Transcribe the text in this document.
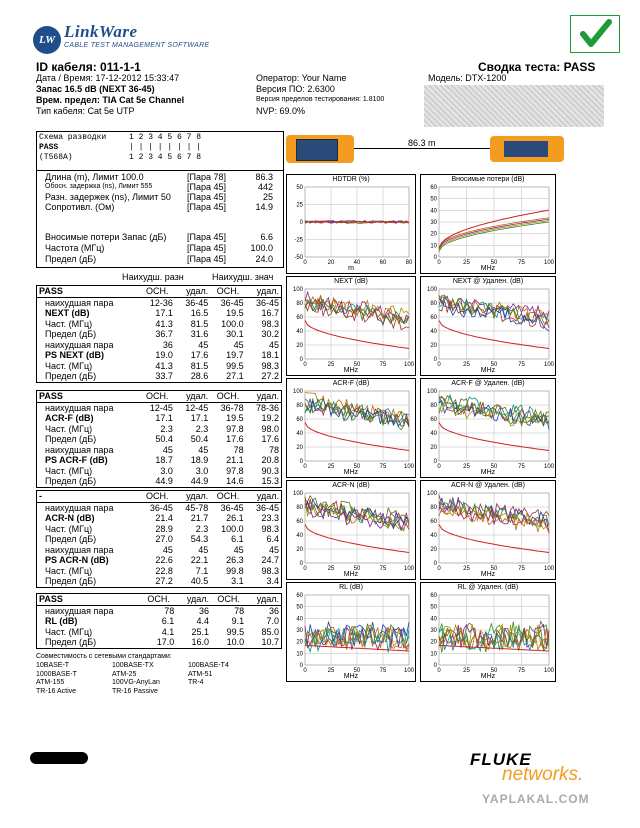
LW LinkWare
CABLE TEST MANAGEMENT SOFTWARE
ID кабеля: 011-1-1	Сводка теста: PASS
Дата / Время: 17-12-2012 15:33:47
Запас 16.5 dB (NEXT 36-45)
Врем. предел: TIA Cat 5e Channel
Тип кабеля: Cat 5e UTP
Оператор: Your Name
Версия ПО: 2.6300
Версия пределов тестирования: 1.8100
NVP: 69.0%
Модель: DTX-1200
Схема разводки	1 2 3 4 5 6 7 8
PASS	| | | | | | | |
(T568A)	1 2 3 4 5 6 7 8
86.3 m
Длина (m), Лимит 100.0	[Пара 78]	86.3
Обосн. задержка (ns), Лимит 555	[Пара 45]	442
Разн. задержек (ns), Лимит 50 [Пара 45]	25
Сопротивл. (Ом)	[Пара 45]	14.9
Вносимые потери Запас (дБ) [Пара 45]	6.6
Частота (МГц)	[Пара 45]	100.0
Предел (дБ)	[Пара 45]	24.0
Наихудш. разн	Наихудш. знач
PASS	ОСН.	удал.	ОСН.	удал.
наихудшая пара	12-36	36-45	36-45	36-45
NEXT (dB)	17.1	16.5	19.5	16.7
Част. (МГц)	41.3	81.5	100.0	98.3
Предел (дБ)	36.7	31.6	30.1	30.2
наихудшая пара	36	45	45	45
PS NEXT (dB)	19.0	17.6	19.7	18.1
Част. (МГц)	41.3	81.5	99.5	98.3
Предел (дБ)	33.7	28.6	27.1	27.2
PASS	ОСН.	удал.	ОСН.	удал.
наихудшая пара	12-45	12-45	36-78	78-36
ACR-F (dB)	17.1	17.1	19.5	19.2
Част. (МГц)	2.3	2.3	97.8	98.0
Предел (дБ)	50.4	50.4	17.6	17.6
наихудшая пара	45	45	78	78
PS ACR-F (dB)	18.7	18.9	21.1	20.8
Част. (МГц)	3.0	3.0	97.8	90.3
Предел (дБ)	44.9	44.9	14.6	15.3
-	ОСН.	удал.	ОСН.	удал.
наихудшая пара	36-45	45-78	36-45	36-45
ACR-N (dB)	21.4	21.7	26.1	23.3
Част. (МГц)	28.9	2.3	100.0	98.3
Предел (дБ)	27.0	54.3	6.1	6.4
наихудшая пара	45	45	45	45
PS ACR-N (dB)	22.6	22.1	26.3	24.7
Част. (МГц)	22.8	7.1	99.8	98.3
Предел (дБ)	27.2	40.5	3.1	3.4
PASS	ОСН.	удал.	ОСН.	удал.
наихудшая пара	78	36	78	36
RL (dB)	6.1	4.4	9.1	7.0
Част. (МГц)	4.1	25.1	99.5	85.0
Предел (дБ)	17.0	16.0	10.0	10.7
Совместимость с сетевыми стандартами:
10BASE-T	100BASE-TX	100BASE-T4
1000BASE-T	ATM-25	ATM-51
ATM-155	100VG-AnyLan	TR-4
TR-16 Active	TR-16 Passive
HDTDR (%)
m
50
25
0
-25
-50
0	20	40	60	80
Вносимые потери (dB)
MHz
60
50
40
30
20
10
0
0	25	50	75	100
NEXT (dB)
MHz
100
80
60
40
20
0
0	25	50	75	100
NEXT @ Удален. (dB)
MHz
100
80
60
40
20
0
0	25	50	75	100
ACR-F (dB)
MHz
100
80
60
40
20
0
0	25	50	75	100
ACR-F @ Удален. (dB)
MHz
100
80
60
40
20
0
0	25	50	75	100
ACR-N (dB)
MHz
100
80
60
40
20
0
0	25	50	75	100
ACR-N @ Удален. (dB)
MHz
100
80
60
40
20
0
0	25	50	75	100
RL (dB)
MHz
60
50
40
30
20
10
0
0	25	50	75	100
RL @ Удален. (dB)
MHz
60
50
40
30
20
10
0
0	25	50	75	100
FLUKE
networks.
YAPLAKAL.COM
